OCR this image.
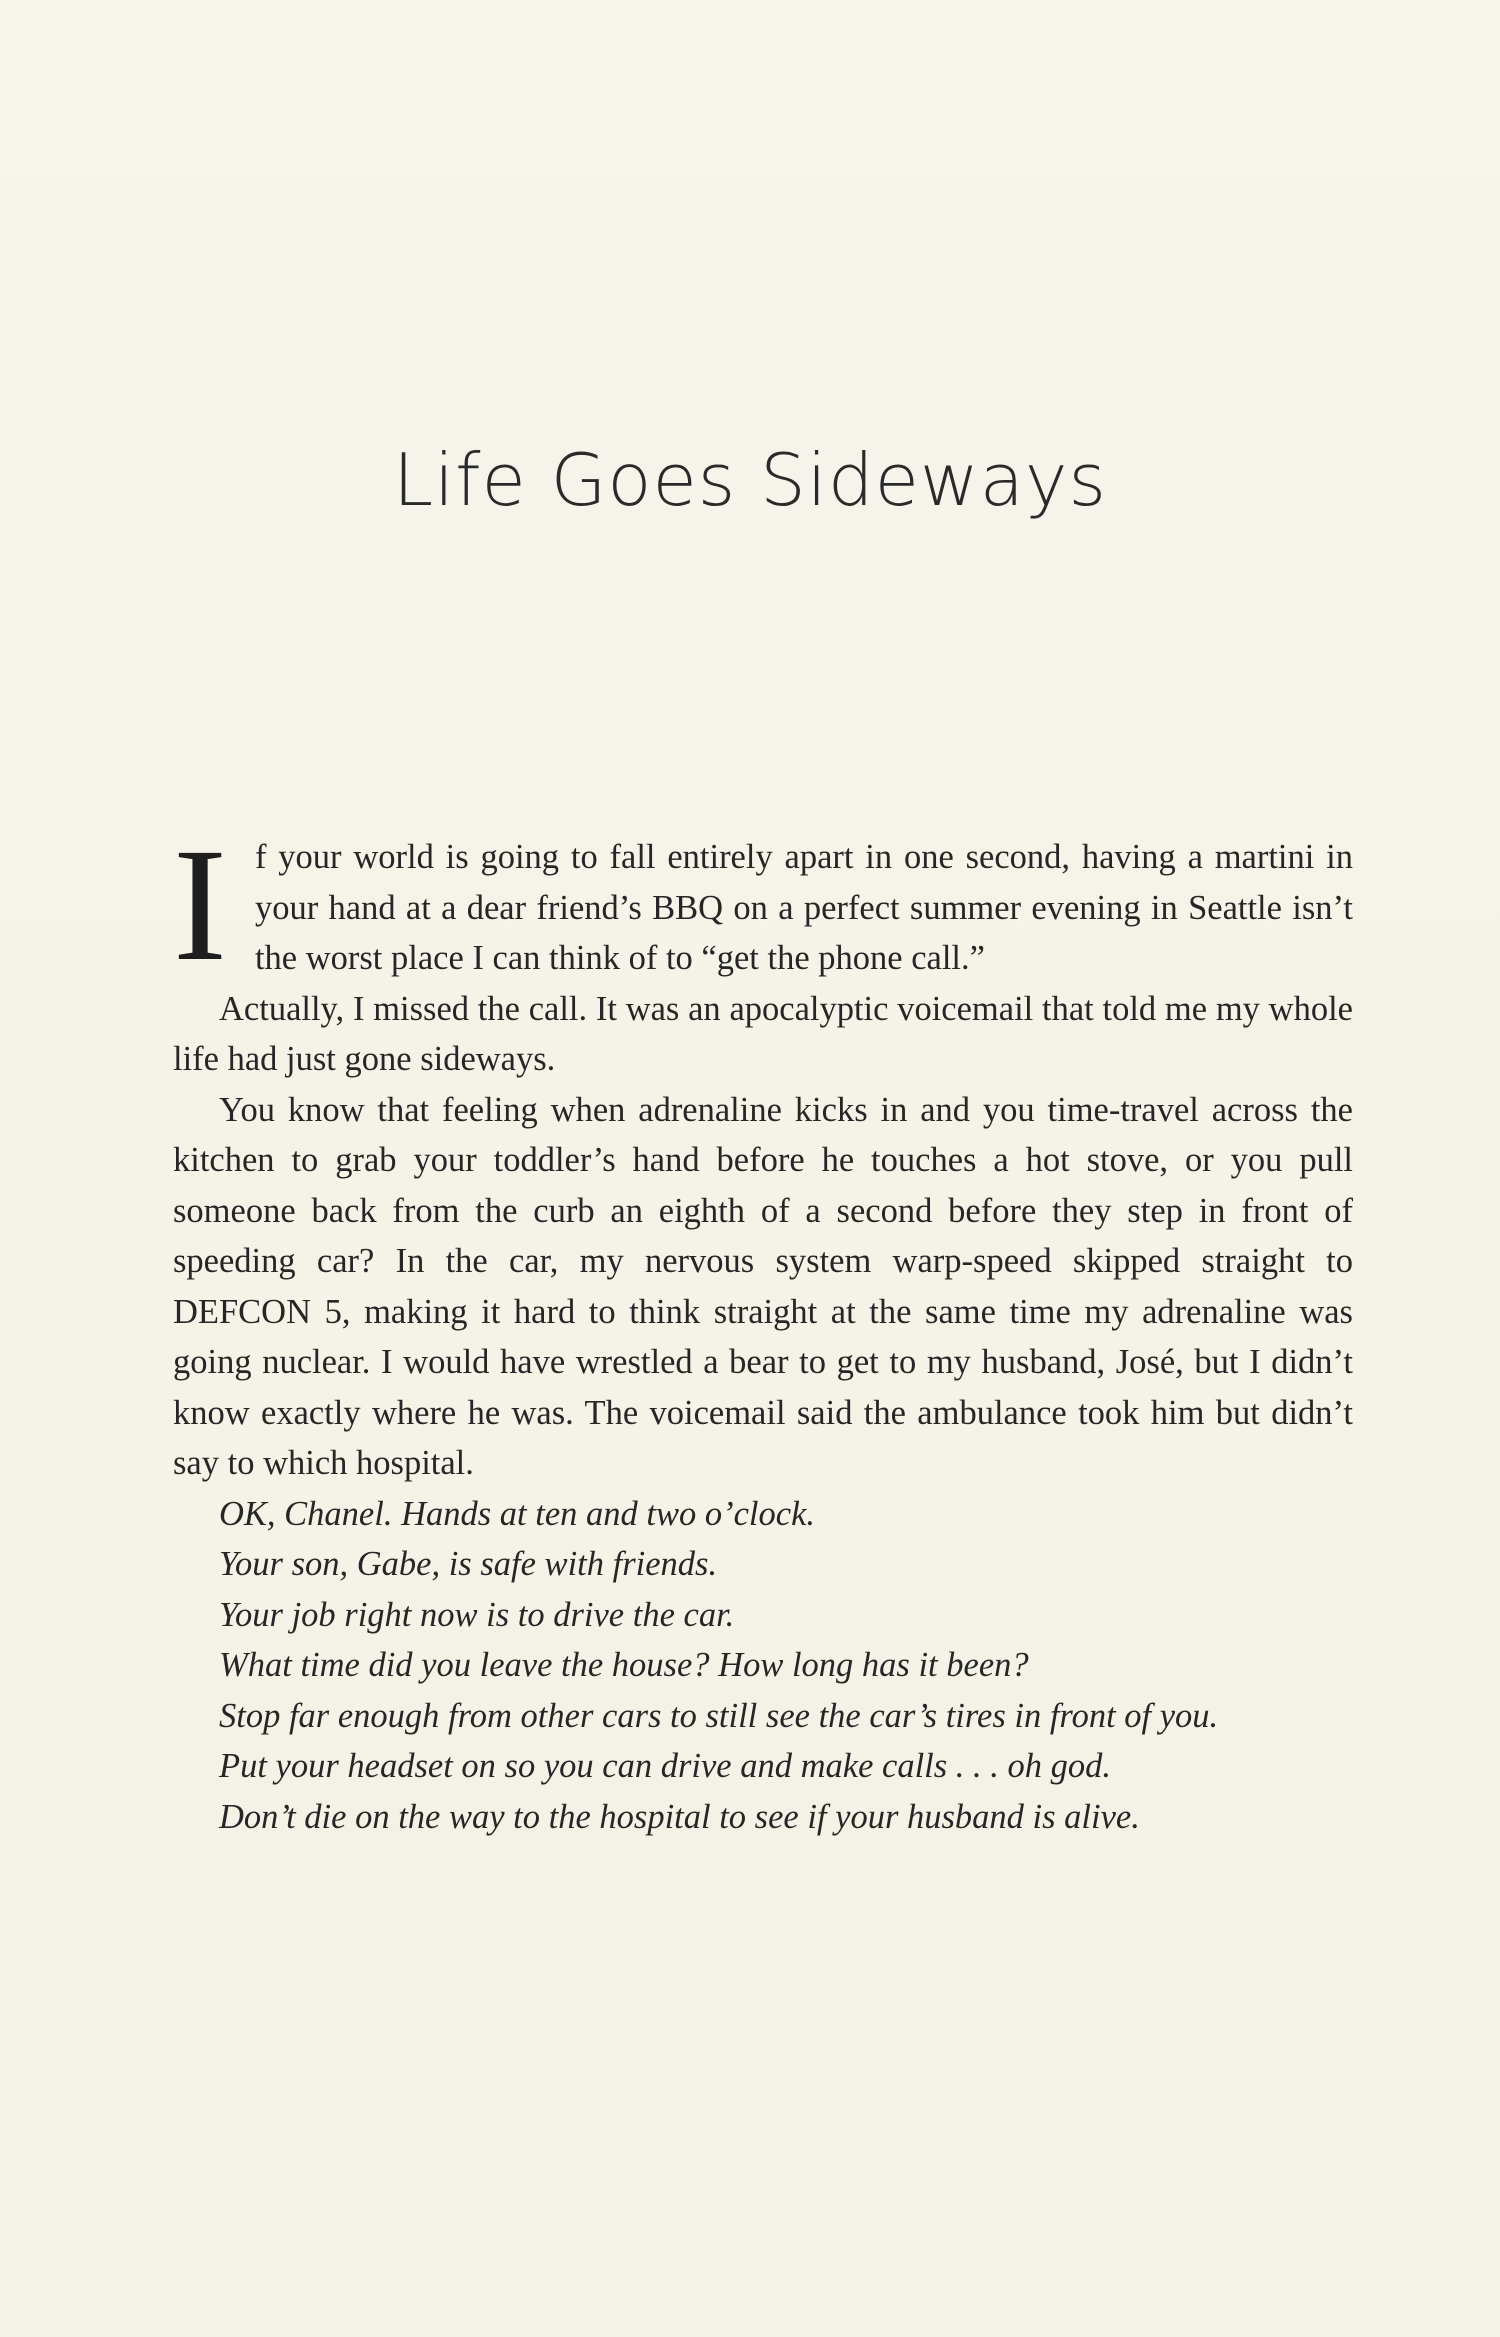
Life Goes Sideways

If your world is going to fall entirely apart in one second, having a martini in your hand at a dear friend’s BBQ on a perfect summer evening in Seattle isn’t the worst place I can think of to “get the phone call.”

Actually, I missed the call. It was an apocalyptic voicemail that told me my whole life had just gone sideways.

You know that feeling when adrenaline kicks in and you time-travel across the kitchen to grab your toddler’s hand before he touches a hot stove, or you pull someone back from the curb an eighth of a second before they step in front of speeding car? In the car, my nervous system warp-speed skipped straight to DEFCON 5, making it hard to think straight at the same time my adrenaline was going nuclear. I would have wrestled a bear to get to my husband, José, but I didn’t know exactly where he was. The voicemail said the ambulance took him but didn’t say to which hospital.

OK, Chanel. Hands at ten and two o’clock.

Your son, Gabe, is safe with friends.

Your job right now is to drive the car.

What time did you leave the house? How long has it been?

Stop far enough from other cars to still see the car’s tires in front of you.

Put your headset on so you can drive and make calls . . . oh god.

Don’t die on the way to the hospital to see if your husband is alive.
